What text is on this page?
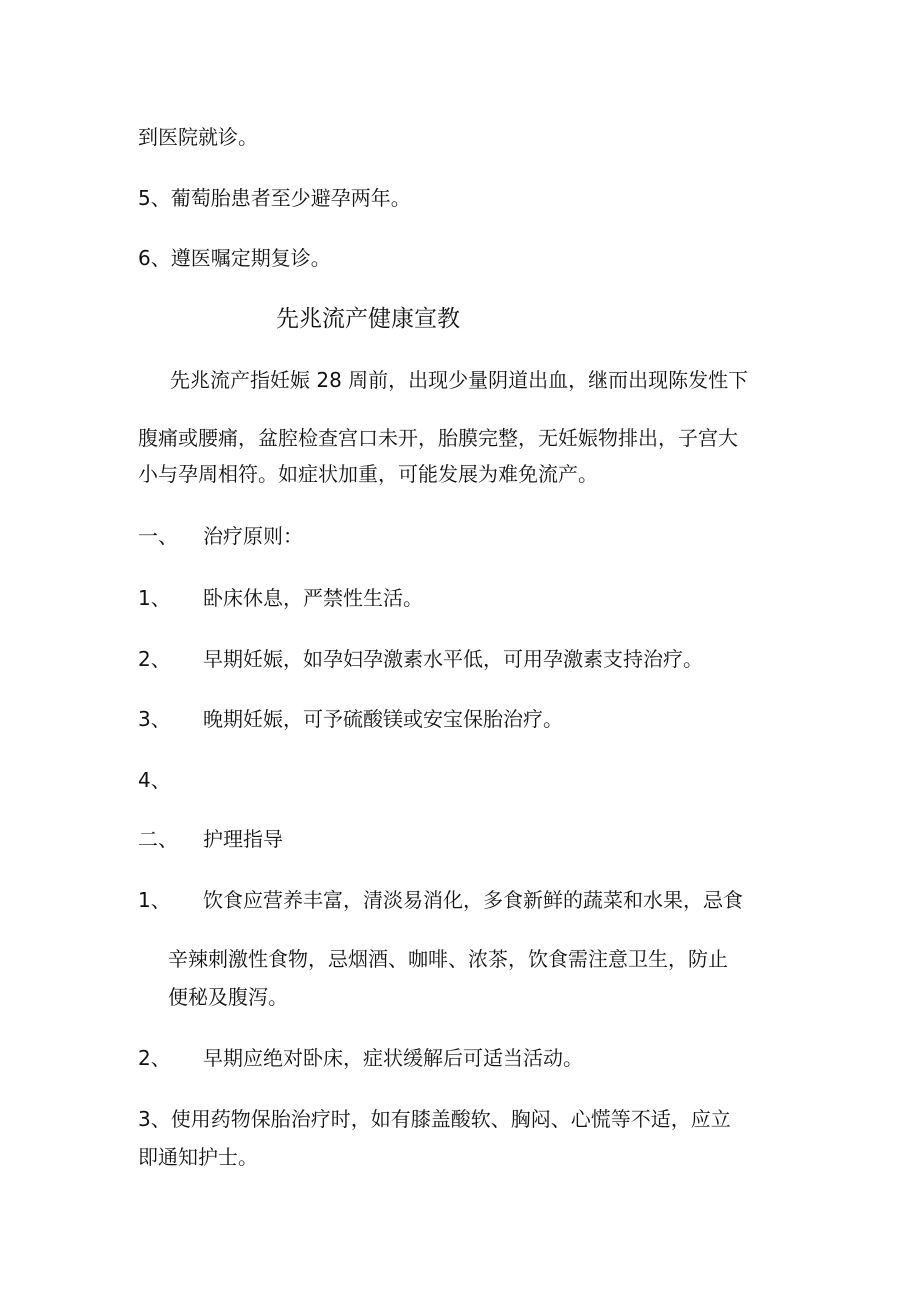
到医院就诊。
5、葡萄胎患者至少避孕两年。
6、遵医嘱定期复诊。
先兆流产健康宣教
先兆流产指妊娠 28 周前，出现少量阴道出血，继而出现陈发性下
腹痛或腰痛，盆腔检查宫口未开，胎膜完整，无妊娠物排出，子宫大
小与孕周相符。如症状加重，可能发展为难免流产。
一、 治疗原则：
1、 卧床休息，严禁性生活。
2、 早期妊娠，如孕妇孕激素水平低，可用孕激素支持治疗。
3、 晚期妊娠，可予硫酸镁或安宝保胎治疗。
4、
二、 护理指导
1、 饮食应营养丰富，清淡易消化，多食新鲜的蔬菜和水果，忌食
辛辣刺激性食物，忌烟酒、咖啡、浓茶，饮食需注意卫生，防止
便秘及腹泻。
2、 早期应绝对卧床，症状缓解后可适当活动。
3、使用药物保胎治疗时，如有膝盖酸软、胸闷、心慌等不适，应立
即通知护士。
